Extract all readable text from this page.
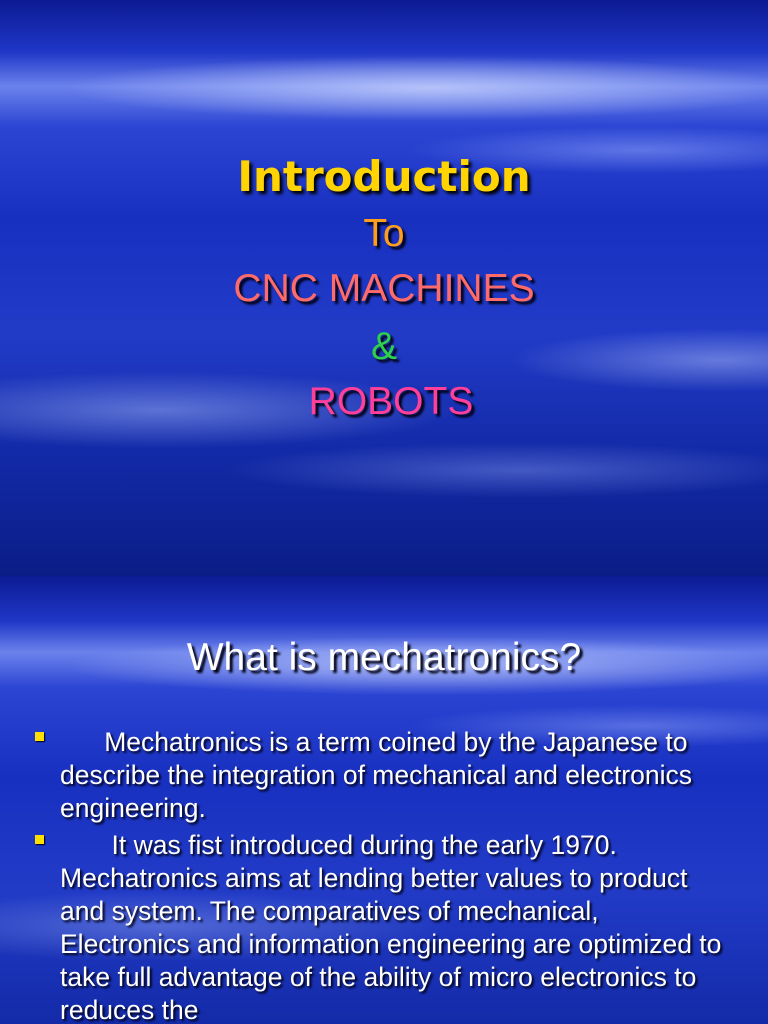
Introduction
To
CNC MACHINES
&
ROBOTS
What is mechatronics?
Mechatronics is a term coined by the Japanese to describe the integration of mechanical and electronics engineering.
It was fist introduced during the early 1970. Mechatronics aims at lending better values to product and system. The comparatives of mechanical, Electronics and information engineering are optimized to take full advantage of the ability of micro electronics to reduces the
